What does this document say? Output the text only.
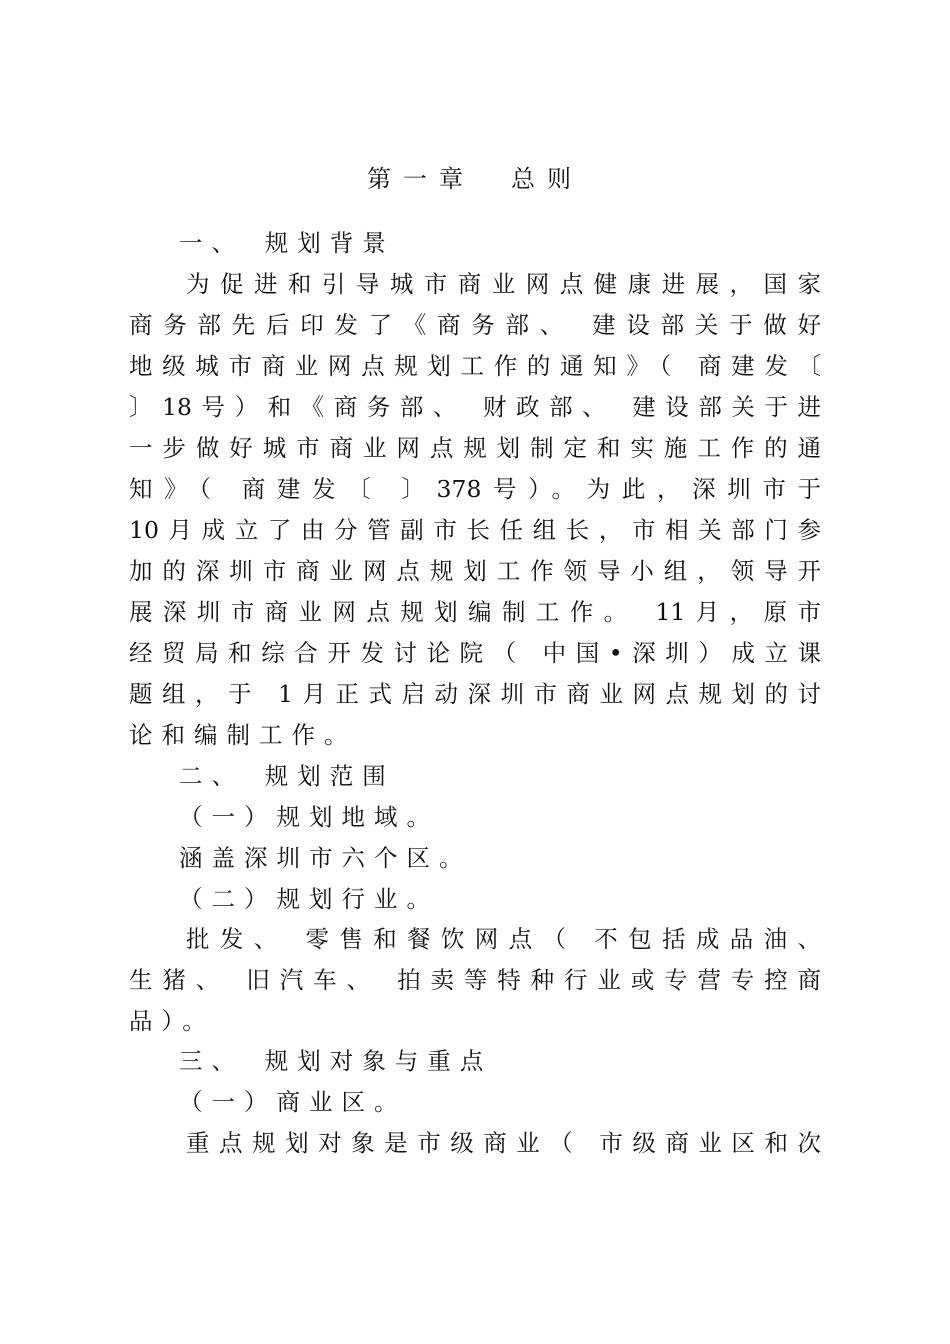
第一章　总则
一、　规划背景
为促进和引导城市商业网点健康进展，国家
商务部先后印发了《商务部、 建设部关于做好
地级城市商业网点规划工作的通知》（ 商建发〔
〕18号）和《商务部、 财政部、 建设部关于进
一步做好城市商业网点规划制定和实施工作的通
知》（ 商建发〔 〕378号）。为此，深圳市于
10月成立了由分管副市长任组长，市相关部门参
加的深圳市商业网点规划工作领导小组，领导开
展深圳市商业网点规划编制工作。 11月，原市
经贸局和综合开发讨论院（ 中国•深圳）成立课
题组，于 1月正式启动深圳市商业网点规划的讨
论和编制工作。
二、　规划范围
（一）规划地域。
涵盖深圳市六个区。
（二）规划行业。
批发、 零售和餐饮网点（ 不包括成品油、
生猪、 旧汽车、 拍卖等特种行业或专营专控商
品）。
三、　规划对象与重点
（一）商业区。
重点规划对象是市级商业（ 市级商业区和次
